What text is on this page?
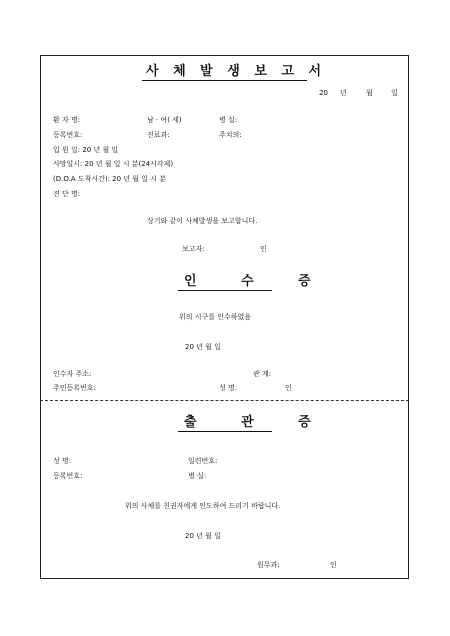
사 체 발 생 보 고 서
20 년	월	일
환 자 명:	남 · 여( 세)	병 실:
등록번호:	진료과:	주치의:
입 원 일: 20 년 월 일
사망일시: 20 년 월 일 시 분(24시각제)
(D.O.A 도착시간): 20 년 월 일 시 분
진 단 명:
상기와 같이 사체발생을 보고합니다.
보고자:	인
인 수 증
위의 시구를 인수하였음
20 년 월 일
인수자 주소:	관 계:
주민등록번호:	성 명:	인
출 관 증
성 명:	일련번호:
등록번호:	병 실:
위의 사체를 친권자에게 인도하여 드리기 바랍니다.
20 년 월 일
원무과:	인
